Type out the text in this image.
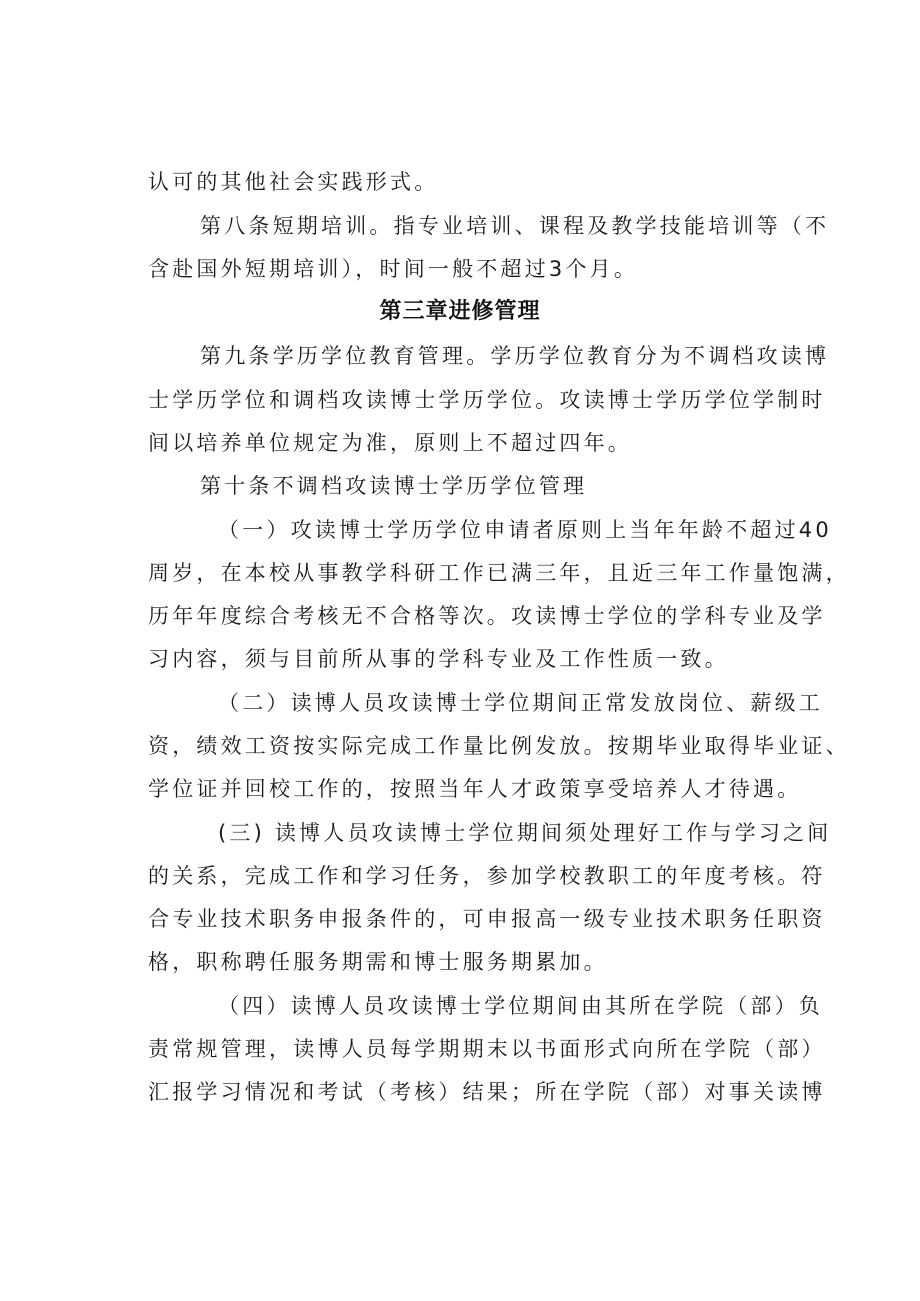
认可的其他社会实践形式。
第八条短期培训。指专业培训、课程及教学技能培训等（不
含赴国外短期培训），时间一般不超过3个月。
第三章进修管理
第九条学历学位教育管理。学历学位教育分为不调档攻读博
士学历学位和调档攻读博士学历学位。攻读博士学历学位学制时
间以培养单位规定为准，原则上不超过四年。
第十条不调档攻读博士学历学位管理
（一）攻读博士学历学位申请者原则上当年年龄不超过40
周岁，在本校从事教学科研工作已满三年，且近三年工作量饱满，
历年年度综合考核无不合格等次。攻读博士学位的学科专业及学
习内容，须与目前所从事的学科专业及工作性质一致。
（二）读博人员攻读博士学位期间正常发放岗位、薪级工
资，绩效工资按实际完成工作量比例发放。按期毕业取得毕业证、
学位证并回校工作的，按照当年人才政策享受培养人才待遇。
(三) 读博人员攻读博士学位期间须处理好工作与学习之间
的关系，完成工作和学习任务，参加学校教职工的年度考核。符
合专业技术职务申报条件的，可申报高一级专业技术职务任职资
格，职称聘任服务期需和博士服务期累加。
（四）读博人员攻读博士学位期间由其所在学院（部）负
责常规管理，读博人员每学期期末以书面形式向所在学院（部）
汇报学习情况和考试（考核）结果；所在学院（部）对事关读博
